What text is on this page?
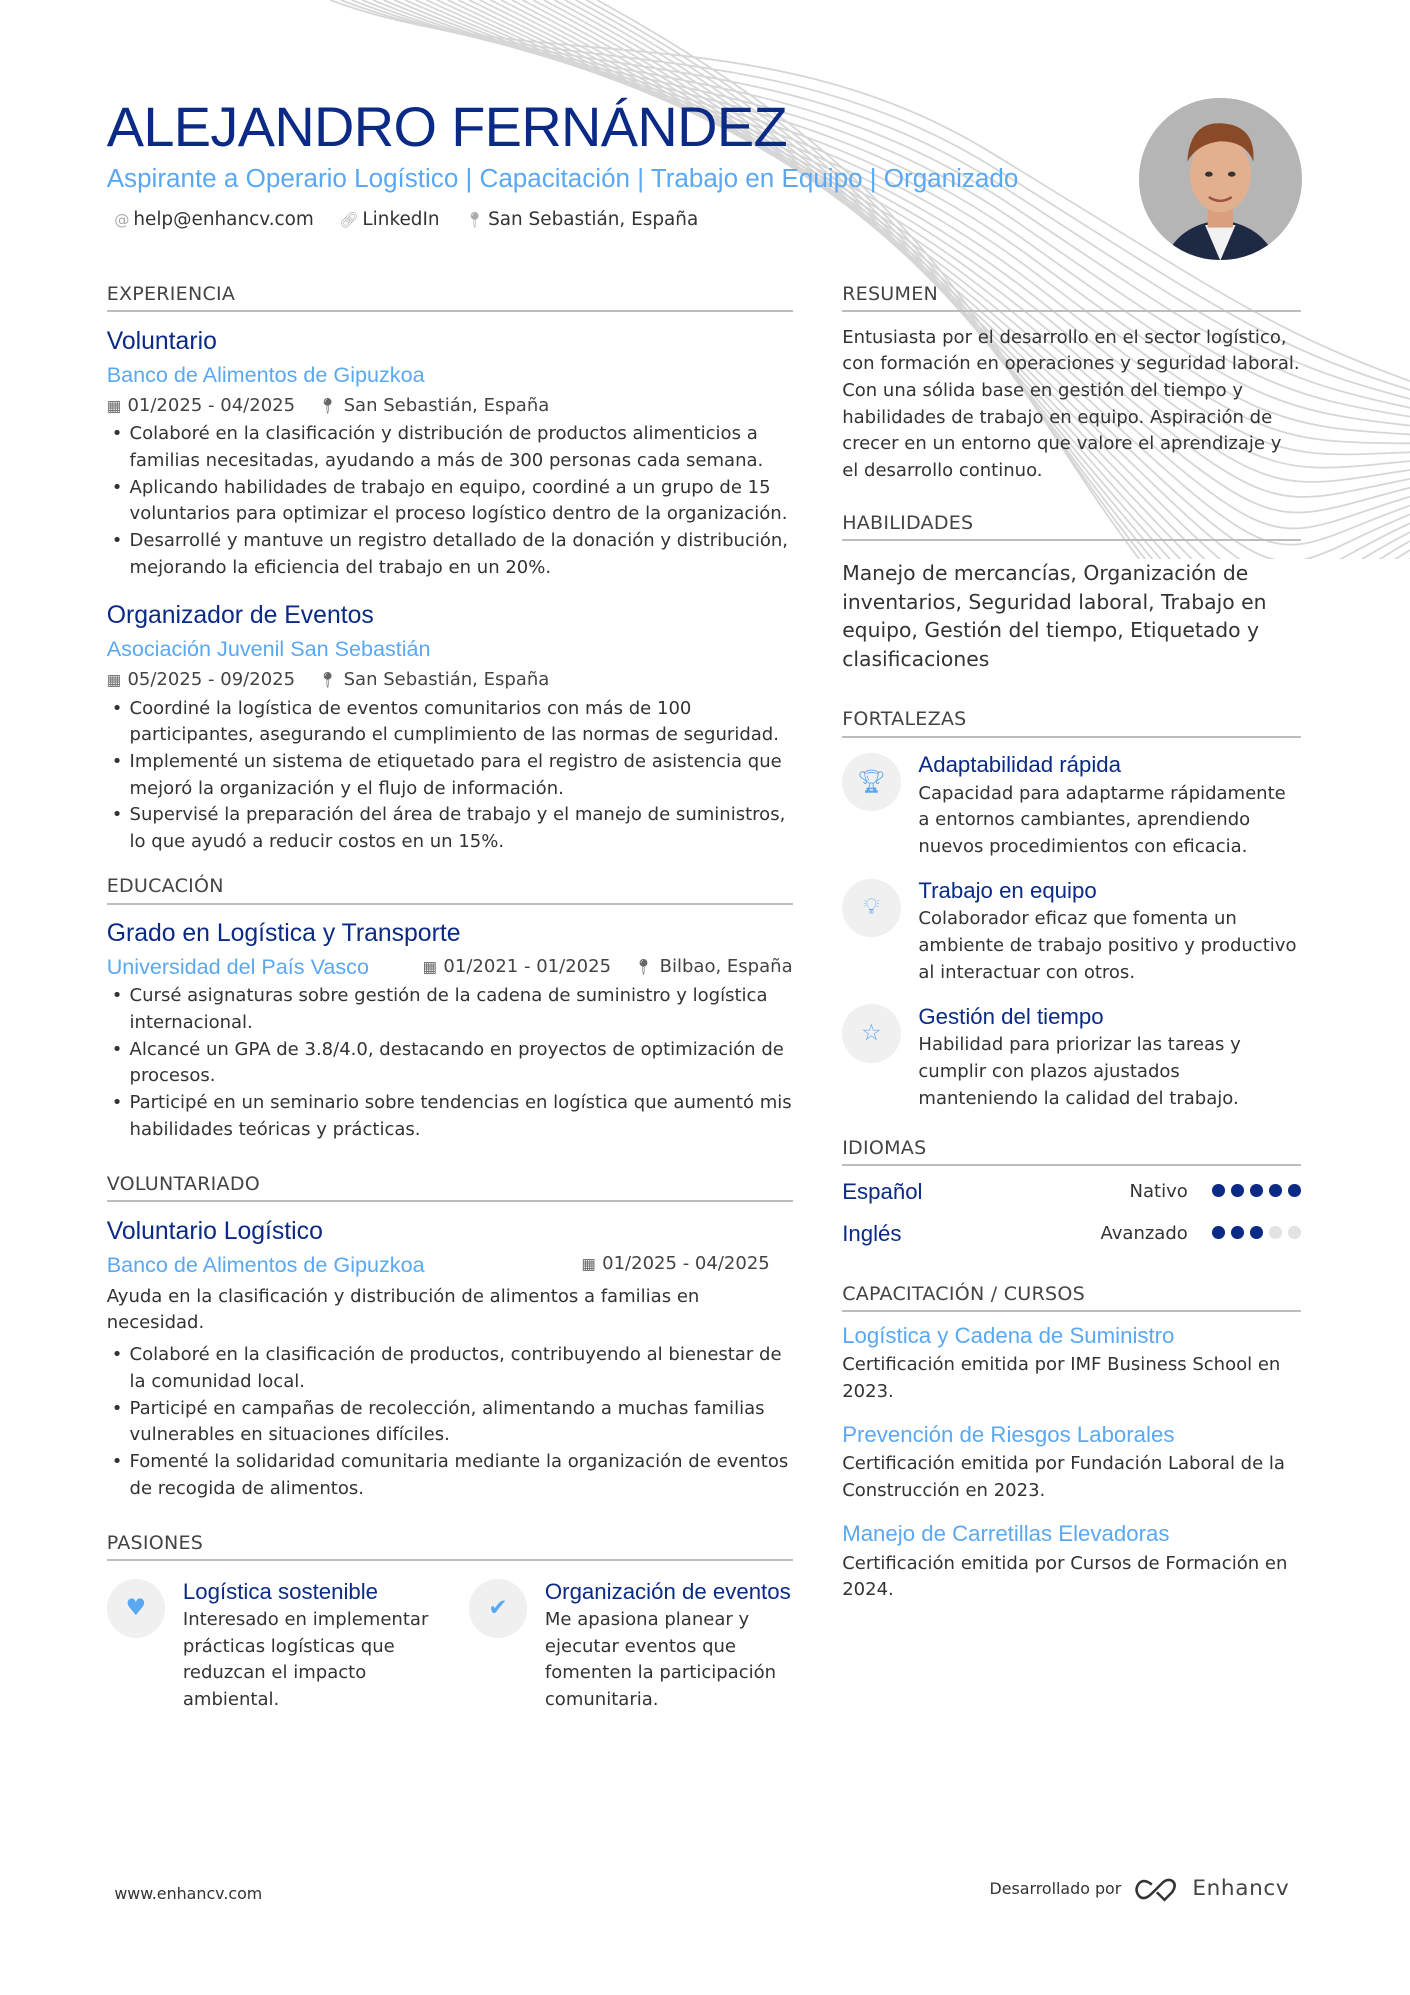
ALEJANDRO FERNÁNDEZ
Aspirante a Operario Logístico | Capacitación | Trabajo en Equipo | Organizado
@ help@enhancv.com 🔗︎ LinkedIn 📍︎ San Sebastián, España
EXPERIENCIA
Voluntario
Banco de Alimentos de Gipuzkoa
▦ 01/2025 - 04/2025 📍︎ San Sebastián, España
• Colaboré en la clasificación y distribución de productos alimenticios a familias necesitadas, ayudando a más de 300 personas cada semana.
• Aplicando habilidades de trabajo en equipo, coordiné a un grupo de 15 voluntarios para optimizar el proceso logístico dentro de la organización.
• Desarrollé y mantuve un registro detallado de la donación y distribución, mejorando la eficiencia del trabajo en un 20%.
Organizador de Eventos
Asociación Juvenil San Sebastián
▦ 05/2025 - 09/2025 📍︎ San Sebastián, España
• Coordiné la logística de eventos comunitarios con más de 100 participantes, asegurando el cumplimiento de las normas de seguridad.
• Implementé un sistema de etiquetado para el registro de asistencia que mejoró la organización y el flujo de información.
• Supervisé la preparación del área de trabajo y el manejo de suministros, lo que ayudó a reducir costos en un 15%.
EDUCACIÓN
Grado en Logística y Transporte
Universidad del País Vasco	▦ 01/2021 - 01/2025 📍︎ Bilbao, España
• Cursé asignaturas sobre gestión de la cadena de suministro y logística internacional.
• Alcancé un GPA de 3.8/4.0, destacando en proyectos de optimización de procesos.
• Participé en un seminario sobre tendencias en logística que aumentó mis habilidades teóricas y prácticas.
VOLUNTARIADO
Voluntario Logístico
Banco de Alimentos de Gipuzkoa	▦ 01/2025 - 04/2025

Ayuda en la clasificación y distribución de alimentos a familias en necesidad.

• Colaboré en la clasificación de productos, contribuyendo al bienestar de la comunidad local.
• Participé en campañas de recolección, alimentando a muchas familias vulnerables en situaciones difíciles.
• Fomenté la solidaridad comunitaria mediante la organización de eventos de recogida de alimentos.
PASIONES
♥
Logística sostenible
Interesado en implementar prácticas logísticas que reduzcan el impacto ambiental.
✔
Organización de eventos
Me apasiona planear y ejecutar eventos que fomenten la participación comunitaria.
RESUMEN

Entusiasta por el desarrollo en el sector logístico, con formación en operaciones y seguridad laboral. Con una sólida base en gestión del tiempo y habilidades de trabajo en equipo. Aspiración de crecer en un entorno que valore el aprendizaje y el desarrollo continuo.

HABILIDADES

Manejo de mercancías, Organización de inventarios, Seguridad laboral, Trabajo en equipo, Gestión del tiempo, Etiquetado y clasificaciones

FORTALEZAS
🏆︎
Adaptabilidad rápida
Capacidad para adaptarme rápidamente a entornos cambiantes, aprendiendo nuevos procedimientos con eficacia.
💡︎
Trabajo en equipo
Colaborador eficaz que fomenta un ambiente de trabajo positivo y productivo al interactuar con otros.
☆
Gestión del tiempo
Habilidad para priorizar las tareas y cumplir con plazos ajustados manteniendo la calidad del trabajo.
IDIOMAS
Español	Nativo
Inglés	Avanzado
CAPACITACIÓN / CURSOS
Logística y Cadena de Suministro
Certificación emitida por IMF Business School en 2023.
Prevención de Riesgos Laborales
Certificación emitida por Fundación Laboral de la Construcción en 2023.
Manejo de Carretillas Elevadoras
Certificación emitida por Cursos de Formación en 2024.
www.enhancv.com	Desarrollado por	Enhancv
